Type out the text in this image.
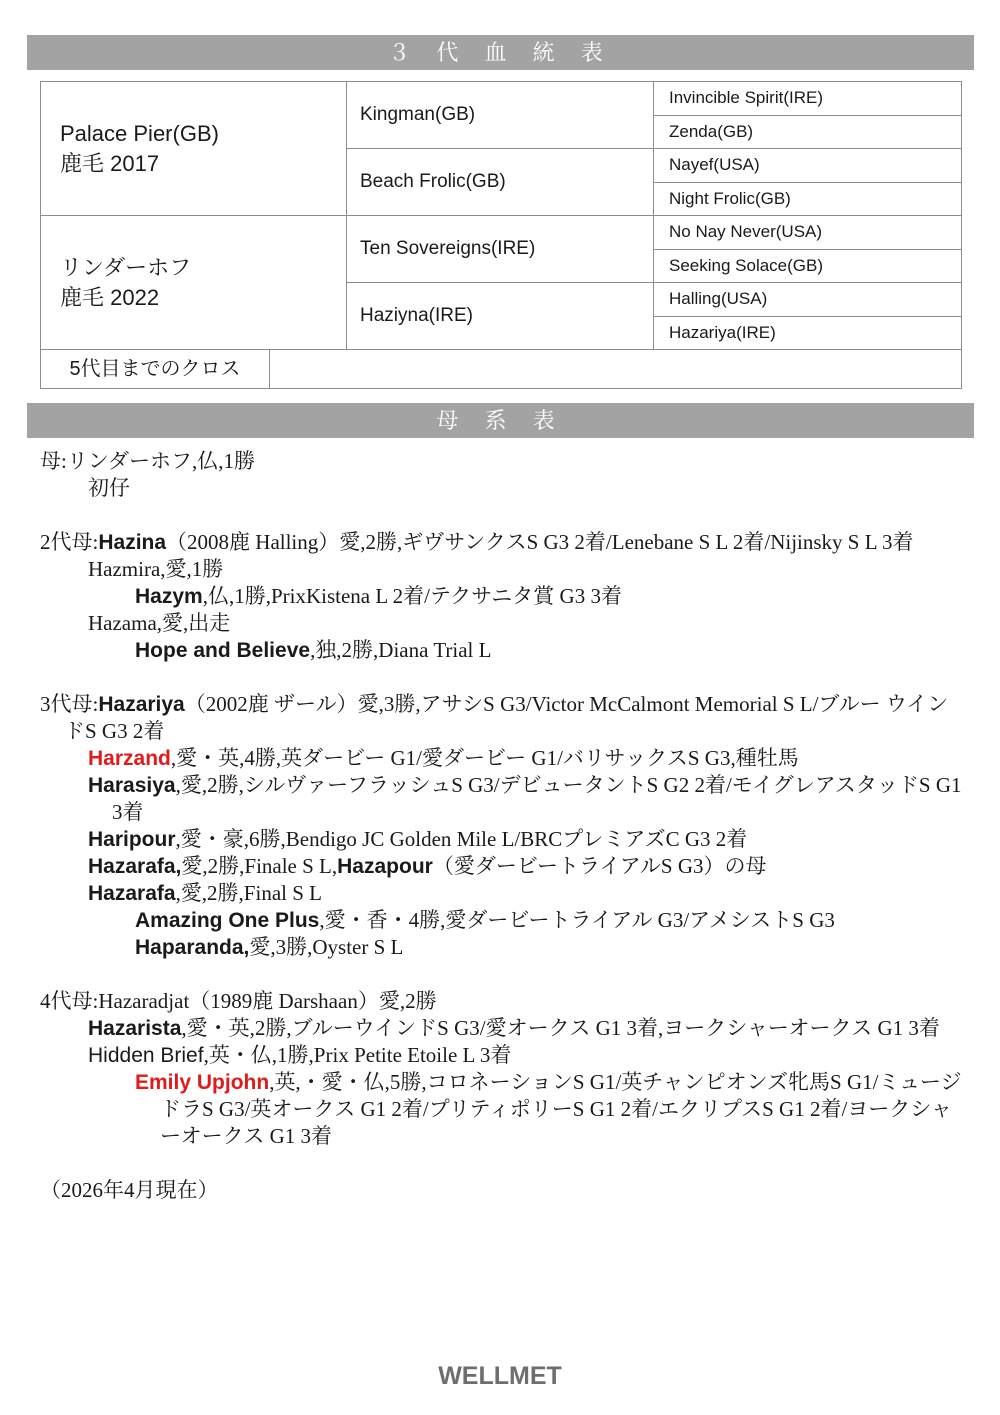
３ 代 血 統 表
Palace Pier(GB)
鹿毛 2017	Kingman(GB)	Invincible Spirit(IRE)
		Zenda(GB)
	Beach Frolic(GB)	Nayef(USA)
		Night Frolic(GB)

リンダーホフ
鹿毛 2022	Ten Sovereigns(IRE)	No Nay Never(USA)
		Seeking Solace(GB)
	Haziyna(IRE)	Halling(USA)
		Hazariya(IRE)

5代目までのクロス		
母 系 表
母:リンダーホフ,仏,1勝
初仔
2代母:Hazina（2008鹿 Halling）愛,2勝,ギヴサンクスS G3 2着/Lenebane S L 2着/Nijinsky S L 3着
Hazmira,愛,1勝
Hazym,仏,1勝,PrixKistena L 2着/テクサニタ賞 G3 3着
Hazama,愛,出走
Hope and Believe,独,2勝,Diana Trial L
3代母:Hazariya（2002鹿 ザール）愛,3勝,アサシS G3/Victor McCalmont Memorial S L/ブルー ウインドS G3 2着
Harzand,愛・英,4勝,英ダービー G1/愛ダービー G1/バリサックスS G3,種牡馬
Harasiya,愛,2勝,シルヴァーフラッシュS G3/デビュータントS G2 2着/モイグレアスタッドS G1 3着
Haripour,愛・豪,6勝,Bendigo JC Golden Mile L/BRCプレミアズC G3 2着
Hazarafa,愛,2勝,Finale S L,Hazapour（愛ダービートライアルS G3）の母
Hazarafa,愛,2勝,Final S L
Amazing One Plus,愛・香・4勝,愛ダービートライアル G3/アメシストS G3
Haparanda,愛,3勝,Oyster S L
4代母:Hazaradjat（1989鹿 Darshaan）愛,2勝
Hazarista,愛・英,2勝,ブルーウインドS G3/愛オークス G1 3着,ヨークシャーオークス G1 3着
Hidden Brief,英・仏,1勝,Prix Petite Etoile L 3着
Emily Upjohn,英,・愛・仏,5勝,コロネーションS G1/英チャンピオンズ牝馬S G1/ミュージドラS G3/英オークス G1 2着/プリティポリーS G1 2着/エクリプスS G1 2着/ヨークシャーオークス G1 3着
（2026年4月現在）
WELLMET
